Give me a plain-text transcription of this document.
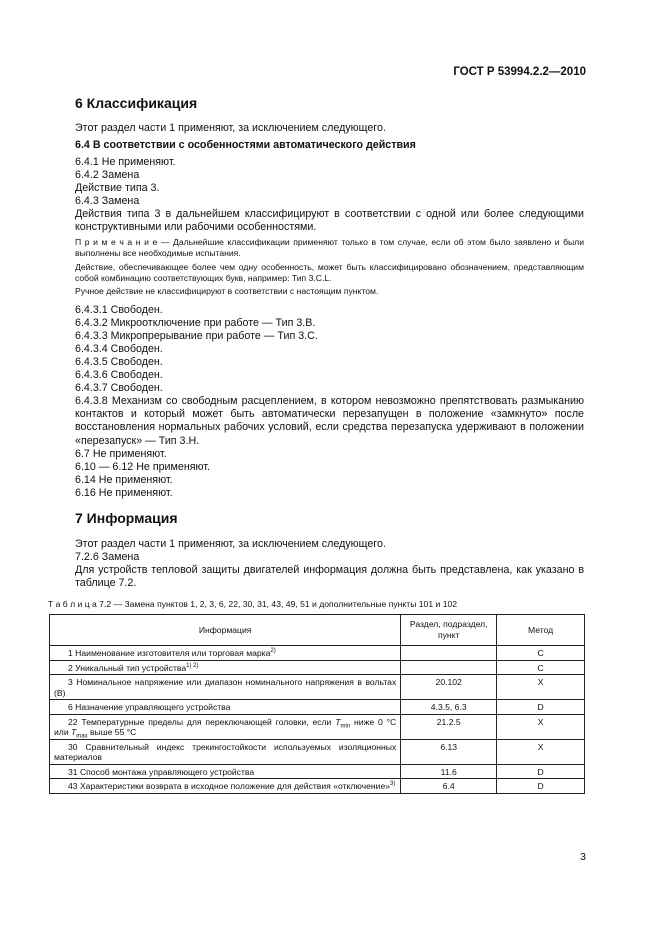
ГОСТ Р 53994.2.2—2010
6 Классификация
Этот раздел части 1 применяют, за исключением следующего.
6.4 В соответствии с особенностями автоматического действия
6.4.1 Не применяют.
6.4.2 Замена
Действие типа 3.
6.4.3 Замена
Действия типа 3 в дальнейшем классифицируют в соответствии с одной или более следующими конструктивными или рабочими особенностями.
П р и м е ч а н и е — Дальнейшие классификации применяют только в том случае, если об этом было заявлено и были выполнены все необходимые испытания.
Действие, обеспечивающее более чем одну особенность, может быть классифицировано обозначением, представляющим собой комбинацию соответствующих букв, например: Тип 3.С.L.
Ручное действие не классифицируют в соответствии с настоящим пунктом.
6.4.3.1 Свободен.
6.4.3.2 Микроотключение при работе — Тип 3.В.
6.4.3.3 Микропрерывание при работе — Тип 3.С.
6.4.3.4 Свободен.
6.4.3.5 Свободен.
6.4.3.6 Свободен.
6.4.3.7 Свободен.
6.4.3.8 Механизм со свободным расцеплением, в котором невозможно препятствовать размыканию контактов и который может быть автоматически перезапущен в положение «замкнуто» после восстановления нормальных рабочих условий, если средства перезапуска удерживают в положении «перезапуск» — Тип 3.Н.
6.7 Не применяют.
6.10 — 6.12 Не применяют.
6.14 Не применяют.
6.16 Не применяют.
7 Информация
Этот раздел части 1 применяют, за исключением следующего.
7.2.6 Замена
Для устройств тепловой защиты двигателей информация должна быть представлена, как указано в таблице 7.2.
Т а б л и ц а 7.2 — Замена пунктов 1, 2, 3, 6, 22, 30, 31, 43, 49, 51 и дополнительные пункты 101 и 102
Информация	Раздел, подраздел, пункт	Метод
1 Наименование изготовителя или торговая марка$^{2)}$		С
2 Уникальный тип устройства$^{1) 2)}$		С
3 Номинальное напряжение или диапазон номинального напряжения в вольтах (В)	20.102	X
6 Назначение управляющего устройства	4.3.5, 6.3	D
22 Температурные пределы для переключающей головки, если $T_{min}$ ниже 0 °С или $T_{max}$ выше 55 °С	21.2.5	X
30 Сравнительный индекс трекингостойкости используемых изоляционных материалов	6.13	X
31 Способ монтажа управляющего устройства	11.6	D
43 Характеристики возврата в исходное положение для действия «отключение»$^{3)}$	6.4	D
3
